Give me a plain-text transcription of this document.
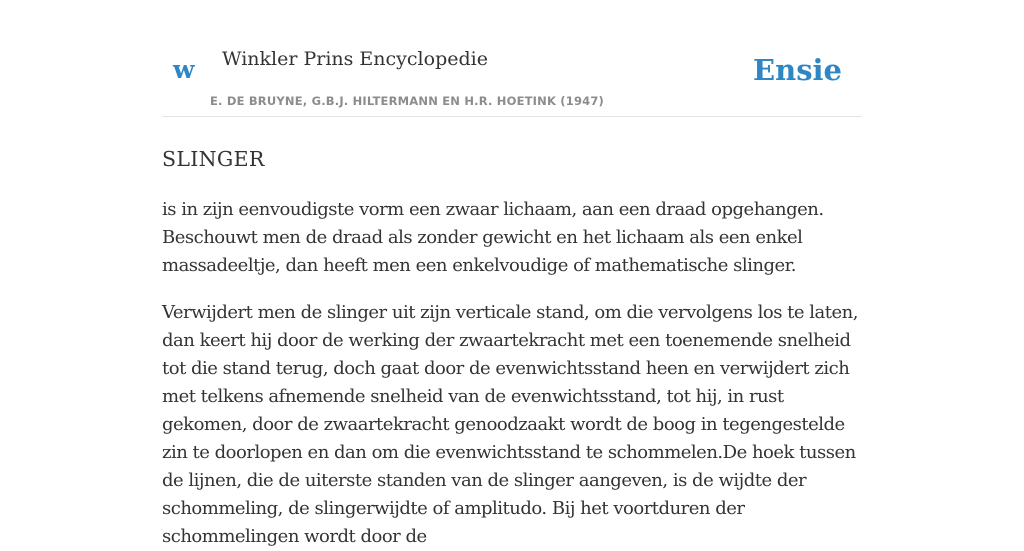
w Winkler Prins Encyclopedie
E. DE BRUYNE, G.B.J. HILTERMANN EN H.R. HOETINK (1947)
Ensie
SLINGER

is in zijn eenvoudigste vorm een zwaar lichaam, aan een draad opgehangen. Beschouwt men de draad als zonder gewicht en het lichaam als een enkel massadeeltje, dan heeft men een enkelvoudige of mathematische slinger.

Verwijdert men de slinger uit zijn verticale stand, om die vervolgens los te laten, dan keert hij door de werking der zwaartekracht met een toenemende snelheid tot die stand terug, doch gaat door de evenwichtsstand heen en verwijdert zich met telkens afnemende snelheid van de evenwichtsstand, tot hij, in rust gekomen, door de zwaartekracht genoodzaakt wordt de boog in tegengestelde zin te doorlopen en dan om die evenwichtsstand te schommelen.De hoek tussen de lijnen, die de uiterste standen van de slinger aangeven, is de wijdte der schommeling, de slingerwijdte of amplitudo. Bij het voortduren der schommelingen wordt door de
